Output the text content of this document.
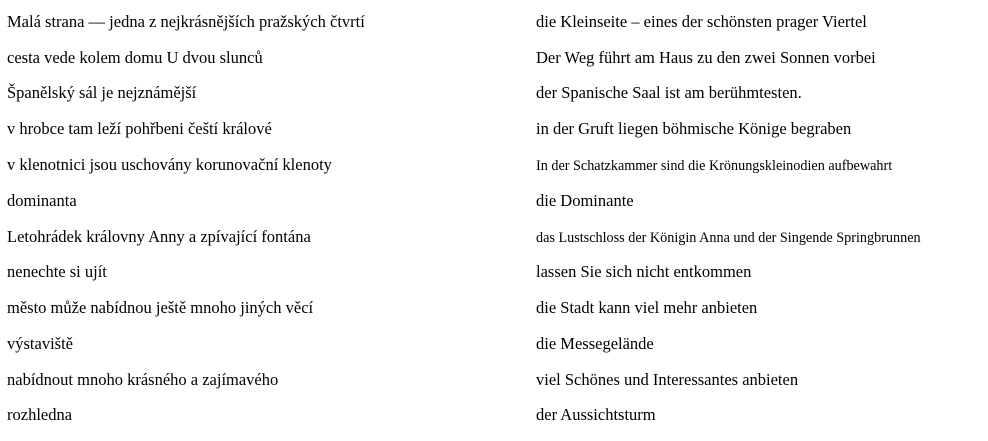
Malá strana — jedna z nejkrásnějších pražských čtvrtí	die Kleinseite – eines der schönsten prager Viertel
cesta vede kolem domu U dvou slunců	Der Weg führt am Haus zu den zwei Sonnen vorbei
Španělský sál je nejznámější	der Spanische Saal ist am berühmtesten.
v hrobce tam leží pohřbeni čeští králové	in der Gruft liegen böhmische Könige begraben
v klenotnici jsou uschovány korunovační klenoty	In der Schatzkammer sind die Krönungskleinodien aufbewahrt
dominanta	die Dominante
Letohrádek královny Anny a zpívající fontána	das Lustschloss der Königin Anna und der Singende Springbrunnen
nenechte si ujít	lassen Sie sich nicht entkommen
město může nabídnou ještě mnoho jiných věcí	die Stadt kann viel mehr anbieten
výstaviště	die Messegelände
nabídnout mnoho krásného a zajímavého	viel Schönes und Interessantes anbieten
rozhledna	der Aussichtsturm
